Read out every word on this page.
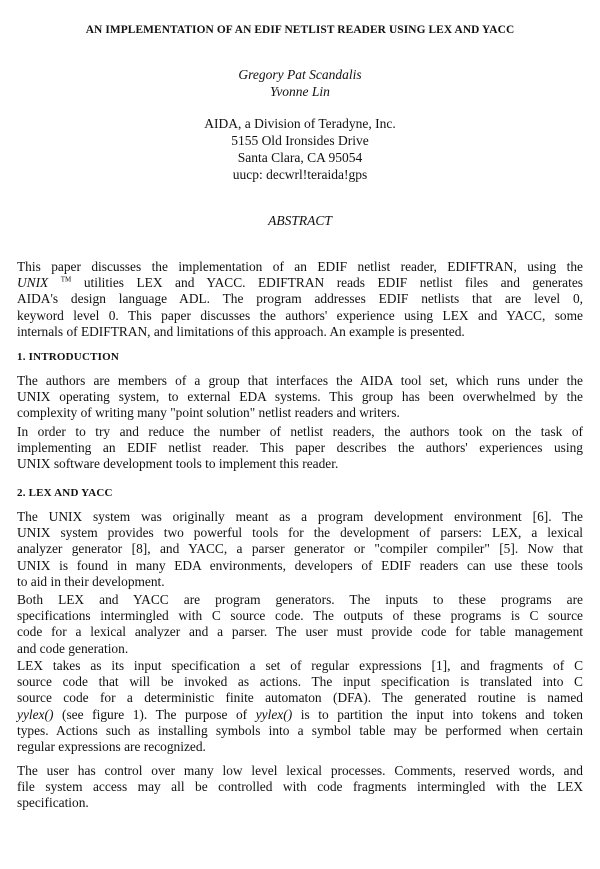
AN IMPLEMENTATION OF AN EDIF NETLIST READER USING LEX AND YACC
Gregory Pat Scandalis
Yvonne Lin
AIDA, a Division of Teradyne, Inc.
5155 Old Ironsides Drive
Santa Clara, CA 95054
uucp: decwrl!teraida!gps
ABSTRACT
This paper discusses the implementation of an EDIF netlist reader, EDIFTRAN, using the
UNIX ™ utilities LEX and YACC. EDIFTRAN reads EDIF netlist files and generates
AIDA's design language ADL. The program addresses EDIF netlists that are level 0,
keyword level 0. This paper discusses the authors' experience using LEX and YACC, some
internals of EDIFTRAN, and limitations of this approach. An example is presented.
1. INTRODUCTION
The authors are members of a group that interfaces the AIDA tool set, which runs under the
UNIX operating system, to external EDA systems. This group has been overwhelmed by the
complexity of writing many "point solution" netlist readers and writers.
In order to try and reduce the number of netlist readers, the authors took on the task of
implementing an EDIF netlist reader. This paper describes the authors' experiences using
UNIX software development tools to implement this reader.
2. LEX AND YACC
The UNIX system was originally meant as a program development environment [6]. The
UNIX system provides two powerful tools for the development of parsers: LEX, a lexical
analyzer generator [8], and YACC, a parser generator or "compiler compiler" [5]. Now that
UNIX is found in many EDA environments, developers of EDIF readers can use these tools
to aid in their development.
Both LEX and YACC are program generators. The inputs to these programs are
specifications intermingled with C source code. The outputs of these programs is C source
code for a lexical analyzer and a parser. The user must provide code for table management
and code generation.
LEX takes as its input specification a set of regular expressions [1], and fragments of C
source code that will be invoked as actions. The input specification is translated into C
source code for a deterministic finite automaton (DFA). The generated routine is named
yylex() (see figure 1). The purpose of yylex() is to partition the input into tokens and token
types. Actions such as installing symbols into a symbol table may be performed when certain
regular expressions are recognized.
The user has control over many low level lexical processes. Comments, reserved words, and
file system access may all be controlled with code fragments intermingled with the LEX
specification.
